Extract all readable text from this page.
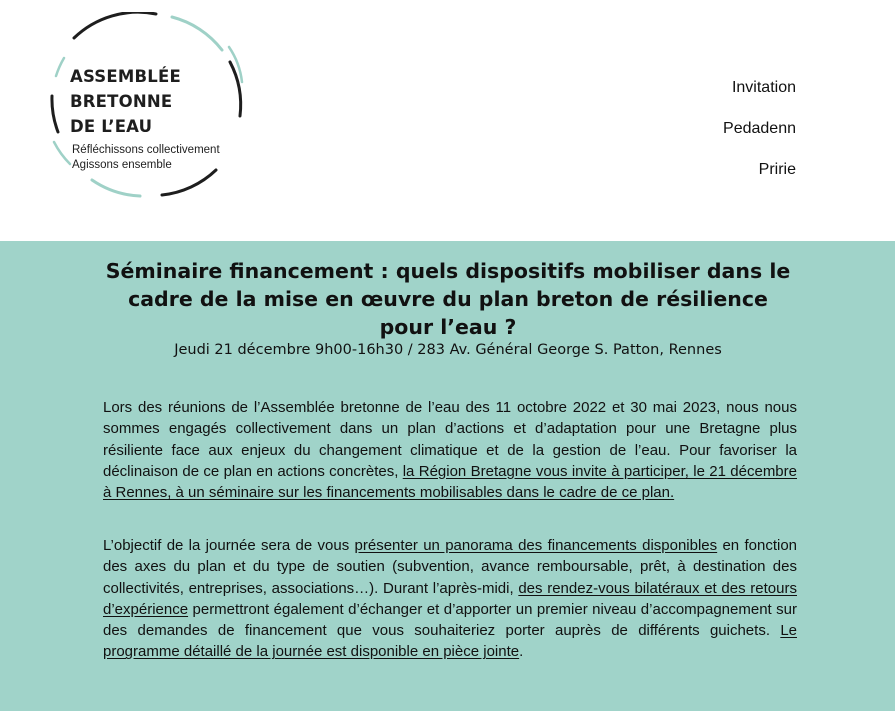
ASSEMBLÉE
BRETONNE
DE L’EAU
Réfléchissons collectivement
Agissons ensemble
Invitation
Pedadenn
Pririe
Séminaire financement : quels dispositifs mobiliser dans le cadre de la mise en œuvre du plan breton de résilience pour l’eau ?
Jeudi 21 décembre 9h00-16h30 / 283 Av. Général George S. Patton, Rennes

Lors des réunions de l’Assemblée bretonne de l’eau des 11 octobre 2022 et 30 mai 2023, nous nous sommes engagés collectivement dans un plan d’actions et d’adaptation pour une Bretagne plus résiliente face aux enjeux du changement climatique et de la gestion de l’eau. Pour favoriser la déclinaison de ce plan en actions concrètes, la Région Bretagne vous invite à participer, le 21 décembre à Rennes, à un séminaire sur les financements mobilisables dans le cadre de ce plan.

L’objectif de la journée sera de vous présenter un panorama des financements disponibles en fonction des axes du plan et du type de soutien (subvention, avance remboursable, prêt, à destination des collectivités, entreprises, associations…). Durant l’après-midi, des rendez-vous bilatéraux et des retours d’expérience permettront également d’échanger et d’apporter un premier niveau d’accompagnement sur des demandes de financement que vous souhaiteriez porter auprès de différents guichets. Le programme détaillé de la journée est disponible en pièce jointe.
